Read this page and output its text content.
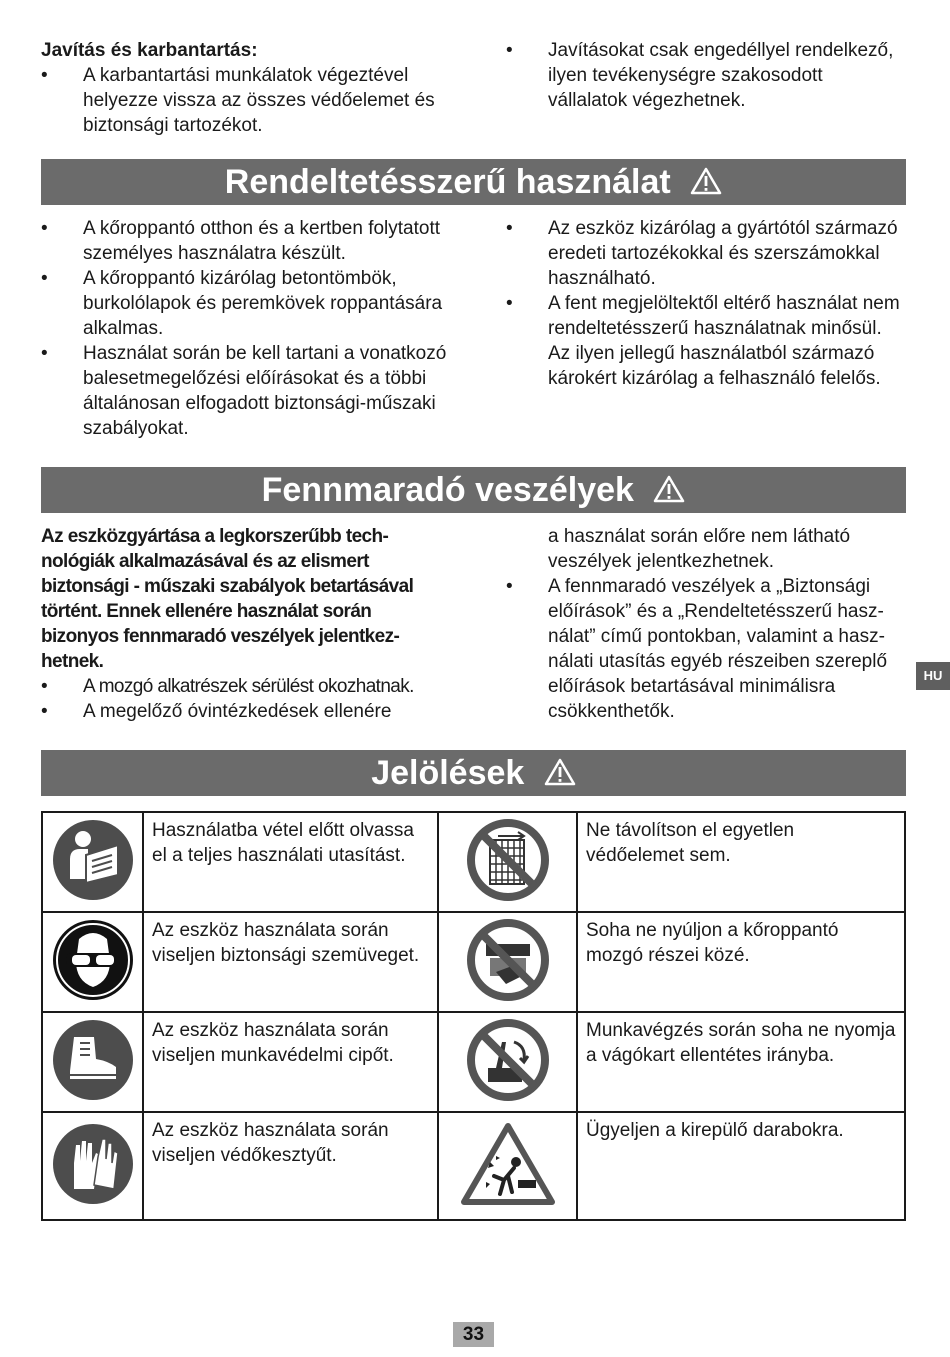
Javítás és karbantartás:

• A karbantartási munkálatok végeztével helyezze vissza az összes védőelemet és biztonsági tartozékot.

• Javításokat csak engedéllyel rendelkező, ilyen tevékenységre szakosodott vállalatok végezhetnek.

Rendeltetésszerű használat

• A kőroppantó otthon és a kertben folytatott személyes használatra készült.

• A kőroppantó kizárólag betontömbök, burkolólapok és peremkövek roppantására alkalmas.

• Használat során be kell tartani a vonatkozó balesetmegelőzési előírásokat és a többi általánosan elfogadott biztonsági-műszaki szabályokat.

• Az eszköz kizárólag a gyártótól származó eredeti tartozékokkal és szerszámokkal használható.

• A fent megjelöltektől eltérő használat nem rendeltetésszerű használatnak minősül. Az ilyen jellegű használatból származó károkért kizárólag a felhasználó felelős.

Fennmaradó veszélyek

Az eszközgyártása a legkorszerűbb technológiák alkalmazásával és az elismert biztonsági - műszaki szabályok betartásával történt. Ennek ellenére használat során bizonyos fennmaradó veszélyek jelentkezhetnek.

• A mozgó alkatrészek sérülést okozhatnak.

• A megelőző óvintézkedések ellenére

a használat során előre nem látható veszélyek jelentkezhetnek.

• A fennmaradó veszélyek a „Biztonsági előírások” és a „Rendeltetésszerű használat” című pontokban, valamint a használati utasítás egyéb részeiben szereplő előírások betartásával minimálisra csökkenthetők.

Jelölések
	Használatba vétel előtt olvassa el a teljes használati utasítást.		Ne távolítson el egyetlen védőelemet sem.
	Az eszköz használata során viseljen biztonsági szemüveget.		Soha ne nyúljon a kőroppantó mozgó részei közé.
	Az eszköz használata során viseljen munkavédelmi cipőt.		Munkavégzés során soha ne nyomja a vágókart ellentétes irányba.
	Az eszköz használata során viseljen védőkesztyűt.		Ügyeljen a kirepülő darabokra.
HU
33
